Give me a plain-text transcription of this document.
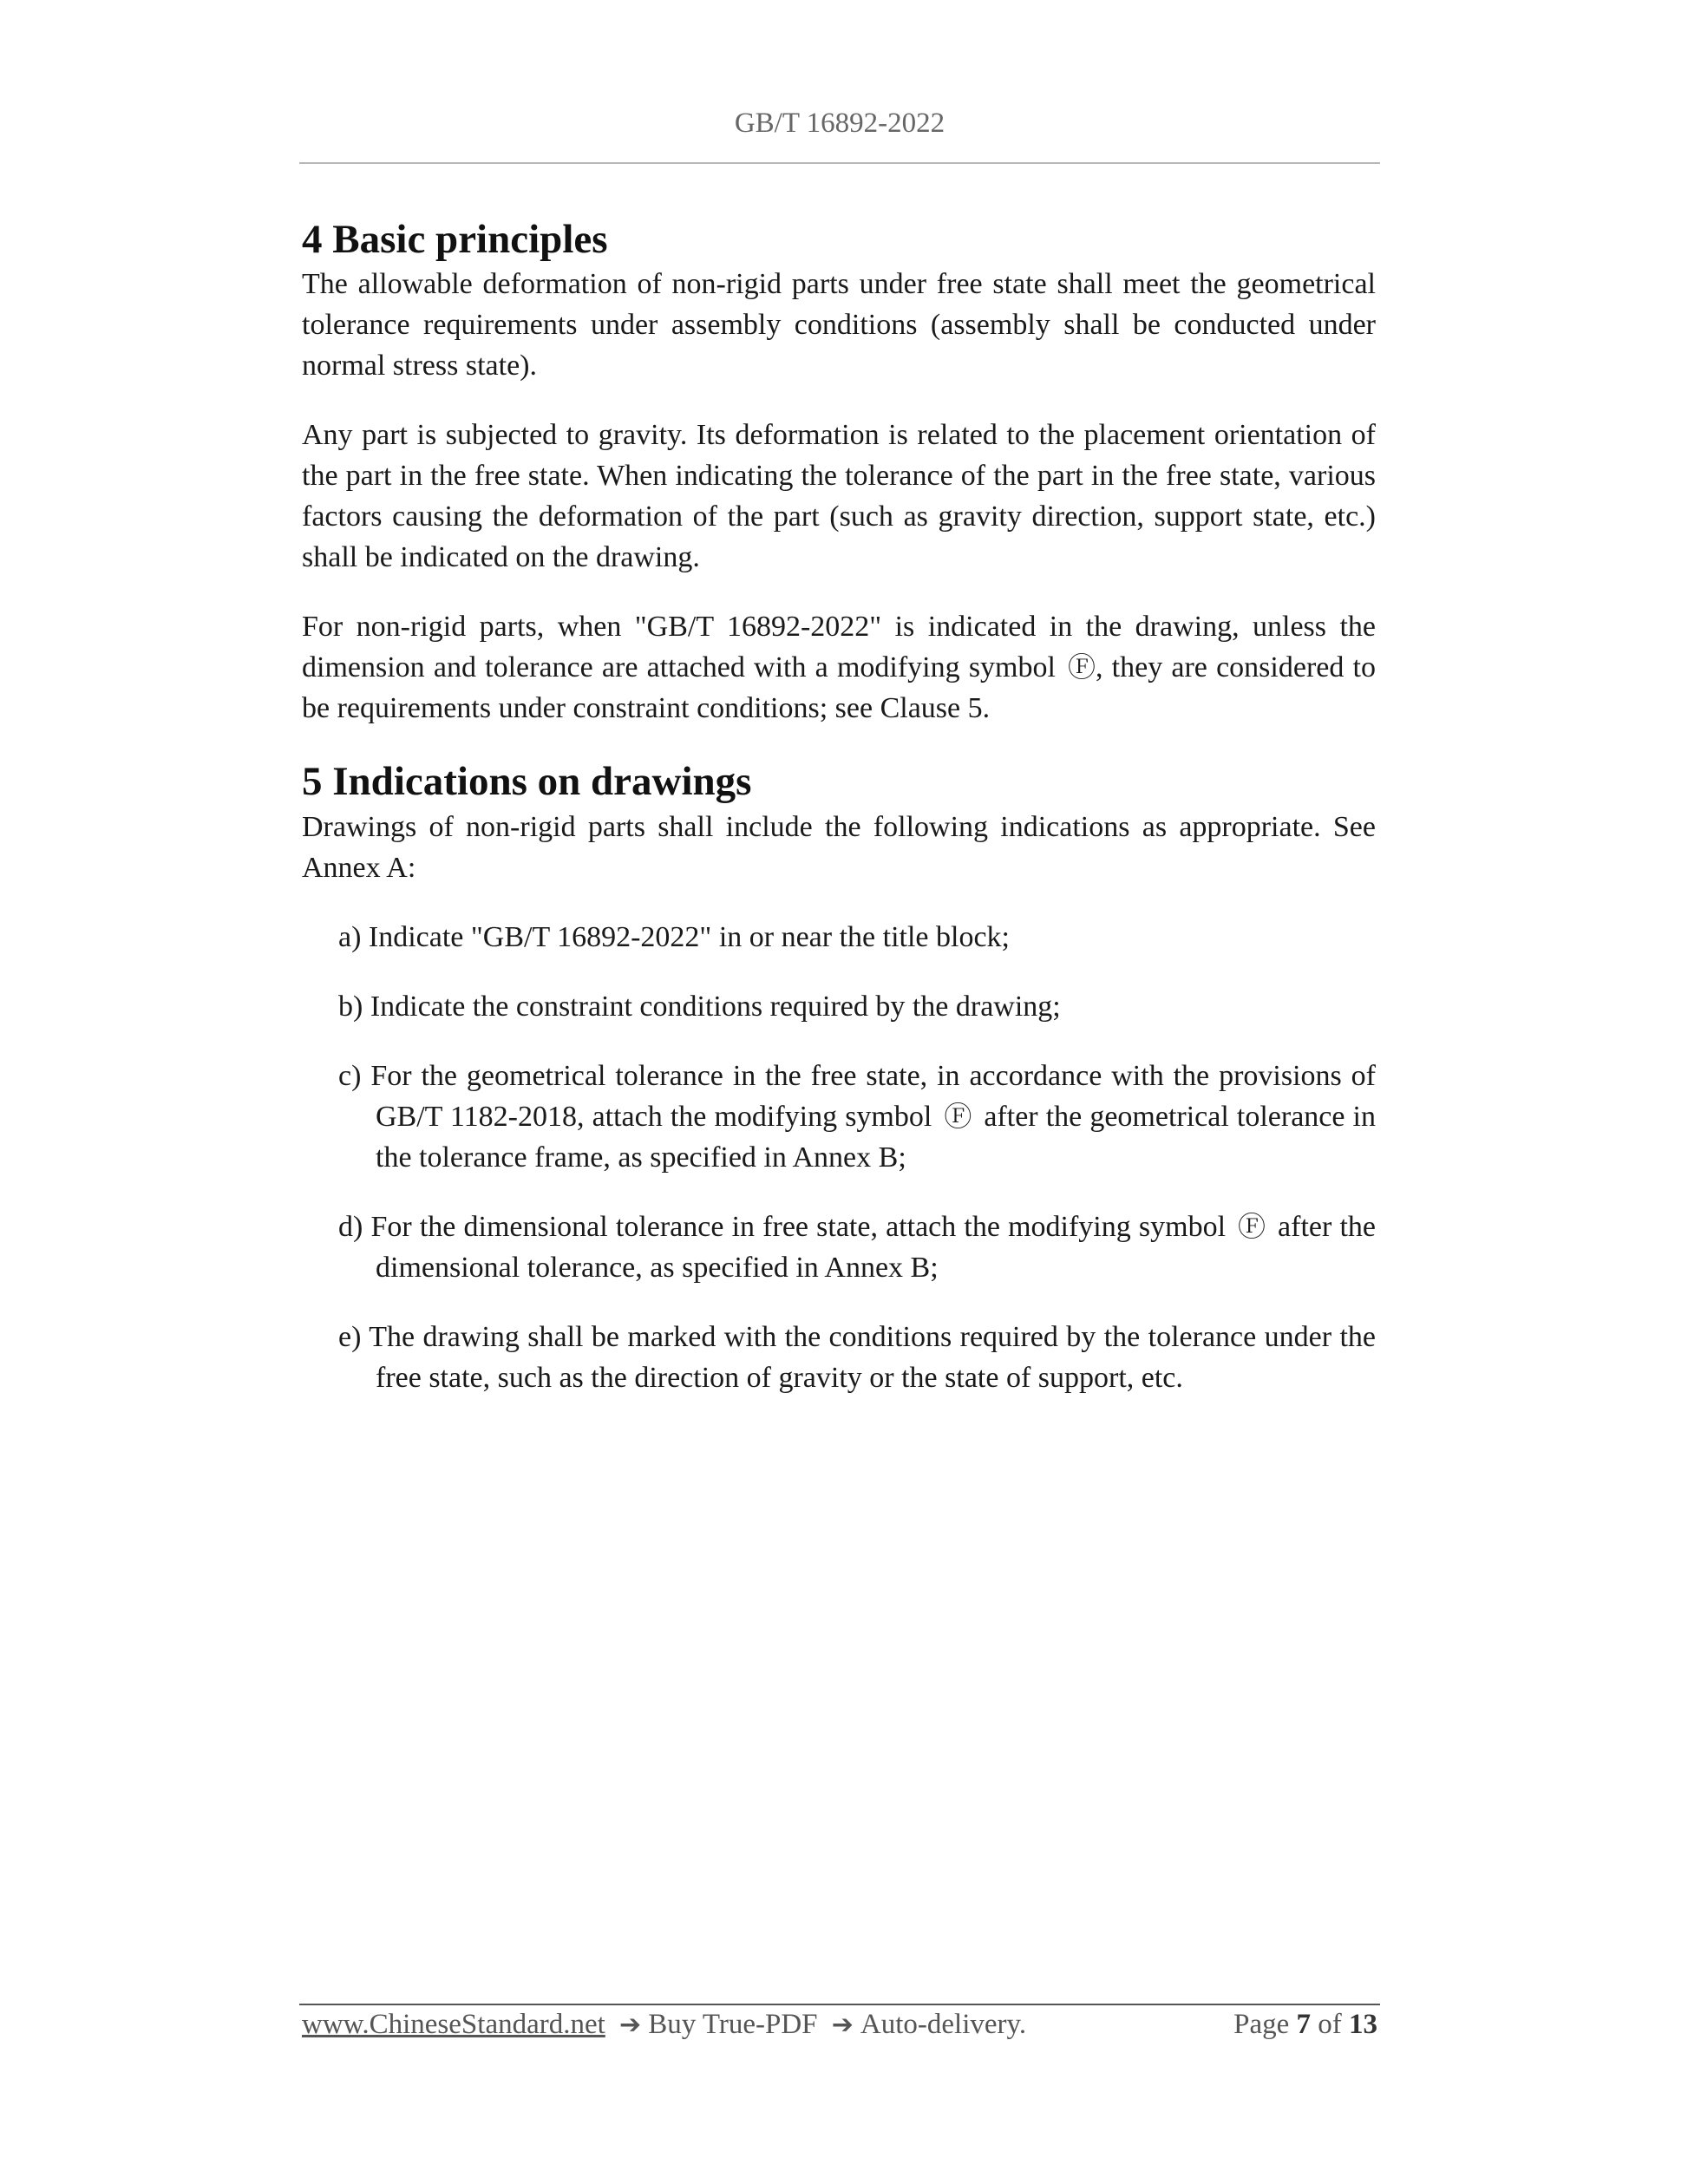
GB/T 16892-2022
4 Basic principles

The allowable deformation of non-rigid parts under free state shall meet the geometrical tolerance requirements under assembly conditions (assembly shall be conducted under normal stress state).

Any part is subjected to gravity. Its deformation is related to the placement orientation of the part in the free state. When indicating the tolerance of the part in the free state, various factors causing the deformation of the part (such as gravity direction, support state, etc.) shall be indicated on the drawing.

For non-rigid parts, when "GB/T 16892-2022" is indicated in the drawing, unless the dimension and tolerance are attached with a modifying symbol Ⓕ, they are considered to be requirements under constraint conditions; see Clause 5.

5 Indications on drawings

Drawings of non-rigid parts shall include the following indications as appropriate. See Annex A:

a) Indicate "GB/T 16892-2022" in or near the title block;
b) Indicate the constraint conditions required by the drawing;
c) For the geometrical tolerance in the free state, in accordance with the provisions of GB/T 1182-2018, attach the modifying symbol Ⓕ after the geometrical tolerance in the tolerance frame, as specified in Annex B;
d) For the dimensional tolerance in free state, attach the modifying symbol Ⓕ after the dimensional tolerance, as specified in Annex B;
e) The drawing shall be marked with the conditions required by the tolerance under the free state, such as the direction of gravity or the state of support, etc.
www.ChineseStandard.net ➔ Buy True-PDF ➔ Auto-delivery.	Page 7 of 13
